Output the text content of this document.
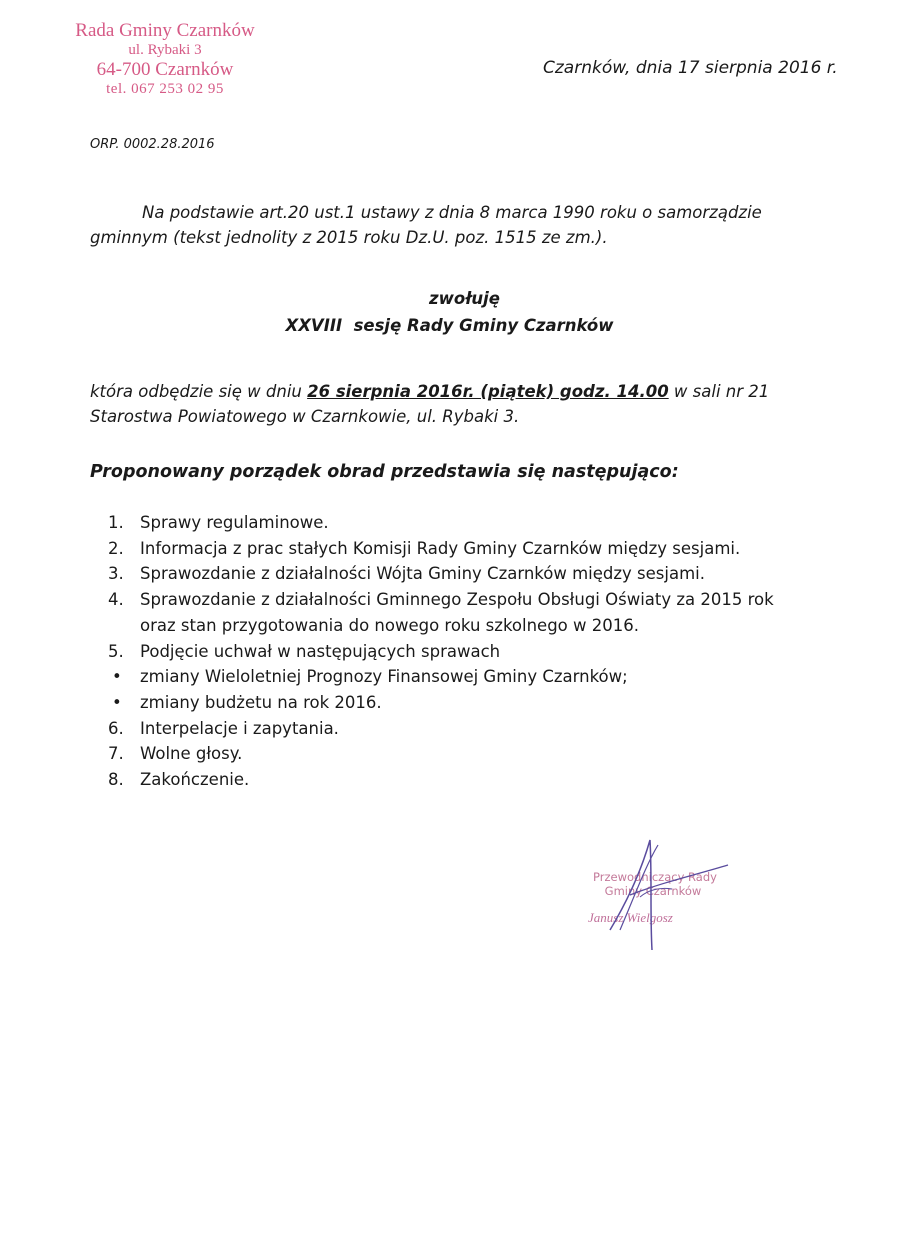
Rada Gminy Czarnków
ul. Rybaki 3
64-700 Czarnków
tel. 067 253 02 95
Czarnków, dnia 17 sierpnia 2016 r.
ORP. 0002.28.2016
Na podstawie art.20 ust.1 ustawy z dnia 8 marca 1990 roku o samorządzie
gminnym (tekst jednolity z 2015 roku Dz.U. poz. 1515 ze zm.).
zwołuję
XXVIII  sesję Rady Gminy Czarnków
która odbędzie się w dniu 26 sierpnia 2016r. (piątek) godz. 14.00 w sali nr 21
Starostwa Powiatowego w Czarnkowie, ul. Rybaki 3.
Proponowany porządek obrad przedstawia się następująco:
1. Sprawy regulaminowe.
2. Informacja z prac stałych Komisji Rady Gminy Czarnków między sesjami.
3. Sprawozdanie z działalności Wójta Gminy Czarnków między sesjami.
4. Sprawozdanie z działalności Gminnego Zespołu Obsługi Oświaty za 2015 rok
oraz stan przygotowania do nowego roku szkolnego w 2016.
5. Podjęcie uchwał w następujących sprawach
•	zmiany Wieloletniej Prognozy Finansowej Gminy Czarnków;
•	zmiany budżetu na rok 2016.
6. Interpelacje i zapytania.
7. Wolne głosy.
8. Zakończenie.
Przewodniczący Rady
Gminy Czarnków
Janusz Wielgosz
